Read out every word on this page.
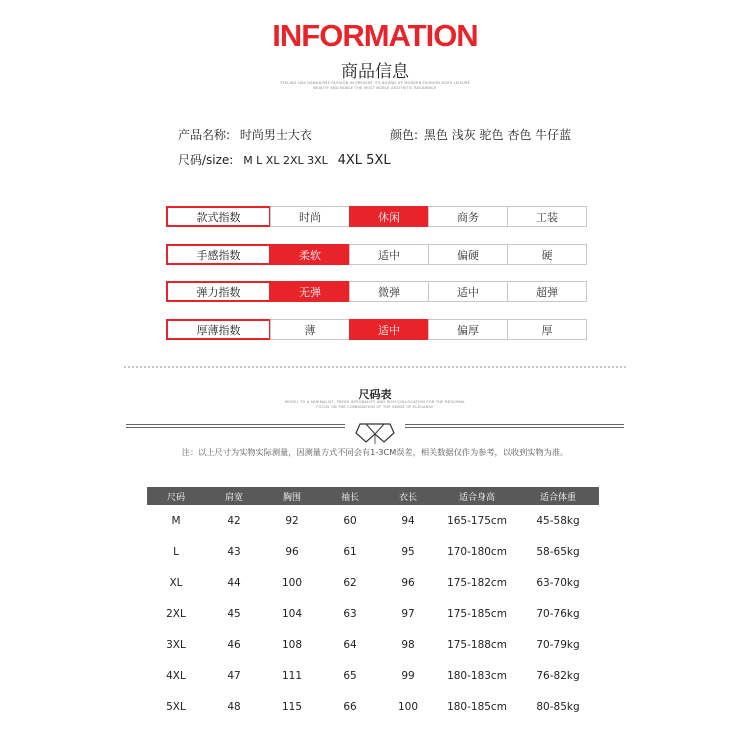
INFORMATION
商品信息
TEELING HAS HANDSOME FASHION IN PRESENT ITS BOUND UP MODERN FASHION DOES LEISURE
BEAUTY AND NOBLE THE MOST NOBLE AESTHETIC RESIDENCE
产品名称: 时尚男士大衣	颜色: 黑色 浅灰 驼色 杏色 牛仔蓝
尺码/size: M L XL 2XL 3XL 4XL 5XL
款式指数	时尚	休闲	商务	工装
手感指数	柔软	适中	偏硬	硬
弹力指数	无弹	微弹	适中	超弹
厚薄指数	薄	适中	偏厚	厚
尺码表
MODEL TO A MINIMALIST, FRESH INTIONALITY AND RICH COLLOCATION FOR THE REGIONAL
FOCUS ON THE COMBINATION OF THE SENSE OF ELEGANCE
注：以上尺寸为实物实际测量，因测量方式不同会有1-3CM误差，相关数据仅作为参考，以收到实物为准。
尺码	肩宽	胸围	袖长	衣长	适合身高	适合体重
M	42	92	60	94	165-175cm	45-58kg
L	43	96	61	95	170-180cm	58-65kg
XL	44	100	62	96	175-182cm	63-70kg
2XL	45	104	63	97	175-185cm	70-76kg
3XL	46	108	64	98	175-188cm	70-79kg
4XL	47	111	65	99	180-183cm	76-82kg
5XL	48	115	66	100	180-185cm	80-85kg
